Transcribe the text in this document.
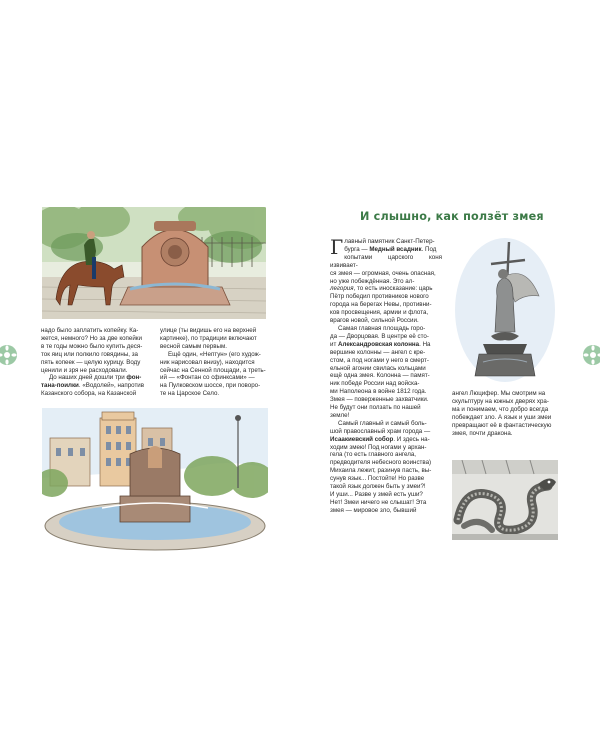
надо было заплатить копейку. Ка-

жется, немного? Но за две копейки

в те годы можно было купить деся-

ток яиц или полкило говядины, за

пять копеек — целую курицу. Воду

ценили и зря не расходовали.

До наших дней дошли три фон-

тана-поилки. «Водолей», напротив

Казанского собора, на Казанской

улице (ты видишь его на верхней

картинке), по традиции включают

весной самым первым.

Ещё один, «Нептун» (его худож-

ник нарисовал внизу), находится

сейчас на Сенной площади, а треть-

ий — «Фонтан со сфинксами» —

на Пулковском шоссе, при поворо-

те на Царское Село.

И слышно, как ползёт змея

Главный памятник Санкт-Петер-

бурга — Медный всадник. Под

копытами царского коня извивает-

ся змея — огромная, очень опасная,

но уже побеждённая. Это ал-

легория, то есть иносказание: царь

Пётр победил противников нового

города на берегах Невы, противни-

ков просвещения, армии и флота,

врагов новой, сильной России.

Самая главная площадь горо-

да — Дворцовая. В центре её сто-

ит Александровская колонна. На

вершине колонны — ангел с кре-

стом, а под ногами у него в смерт-

ельной агонии свилась кольцами

ещё одна змея. Колонна — памят-

ник победе России над войска-

ми Наполеона в войне 1812 года.

Змея — поверженные захватчики.

Не будут они ползать по нашей

земле!

Самый главный и самый боль-

шой православный храм города —

Исаакиевский собор. И здесь на-

ходим змею! Под ногами у архан-

гела (то есть главного ангела,

предводителя небесного воинства)

Михаила лежит, разинув пасть, вы-

сунув язык... Постойте! Но разве

такой язык должен быть у змеи?!

И уши... Разве у змей есть уши?

Нет! Змеи ничего не слышат! Эта

змея — мировое зло, бывший

ангел Люцифер. Мы смотрим на

скульптуру на южных дверях хра-

ма и понимаем, что добро всегда

побеждает зло. А язык и уши змеи

превращают её в фантастическую

змея, почти дракона.
